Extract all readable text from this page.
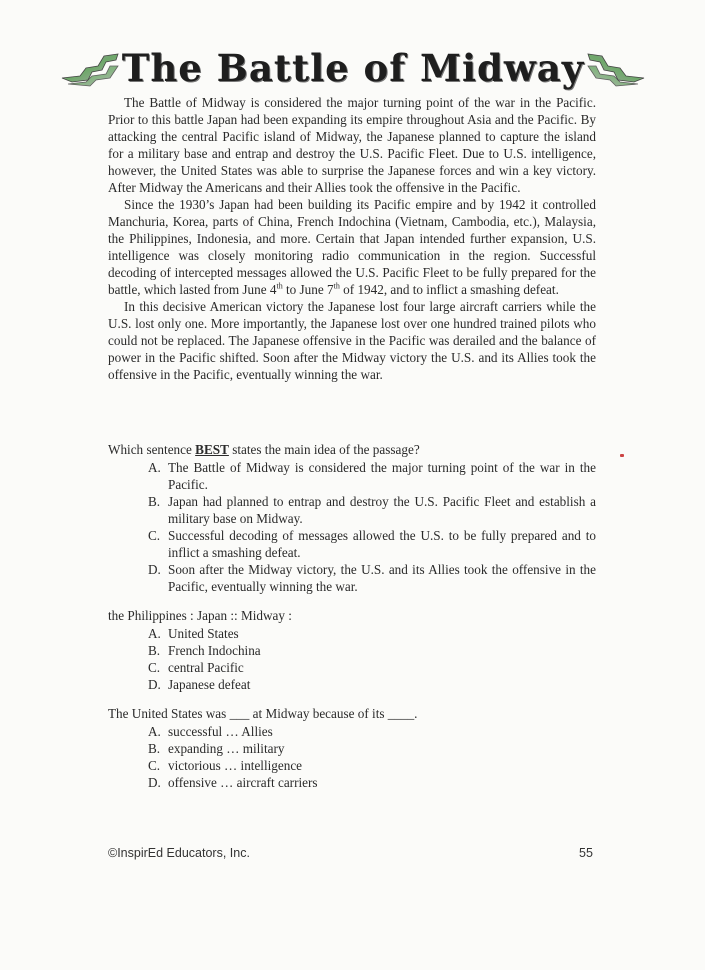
The Battle of Midway

The Battle of Midway is considered the major turning point of the war in the Pacific. Prior to this battle Japan had been expanding its empire throughout Asia and the Pacific. By attacking the central Pacific island of Midway, the Japanese planned to capture the island for a military base and entrap and destroy the U.S. Pacific Fleet. Due to U.S. intelligence, however, the United States was able to surprise the Japanese forces and win a key victory. After Midway the Americans and their Allies took the offensive in the Pacific.

Since the 1930’s Japan had been building its Pacific empire and by 1942 it controlled Manchuria, Korea, parts of China, French Indochina (Vietnam, Cambodia, etc.), Malaysia, the Philippines, Indonesia, and more. Certain that Japan intended further expansion, U.S. intelligence was closely monitoring radio communication in the region. Successful decoding of intercepted messages allowed the U.S. Pacific Fleet to be fully prepared for the battle, which lasted from June 4th to June 7th of 1942, and to inflict a smashing defeat.

In this decisive American victory the Japanese lost four large aircraft carriers while the U.S. lost only one. More importantly, the Japanese lost over one hundred trained pilots who could not be replaced. The Japanese offensive in the Pacific was derailed and the balance of power in the Pacific shifted. Soon after the Midway victory the U.S. and its Allies took the offensive in the Pacific, eventually winning the war.

Which sentence BEST states the main idea of the passage?

A. The Battle of Midway is considered the major turning point of the war in the Pacific.
B. Japan had planned to entrap and destroy the U.S. Pacific Fleet and establish a military base on Midway.
C. Successful decoding of messages allowed the U.S. to be fully prepared and to inflict a smashing defeat.
D. Soon after the Midway victory, the U.S. and its Allies took the offensive in the Pacific, eventually winning the war.

the Philippines : Japan :: Midway :

A. United States
B. French Indochina
C. central Pacific
D. Japanese defeat

The United States was ___ at Midway because of its ____.

A. successful … Allies
B. expanding … military
C. victorious … intelligence
D. offensive … aircraft carriers
©InspirEd Educators, Inc.	55
